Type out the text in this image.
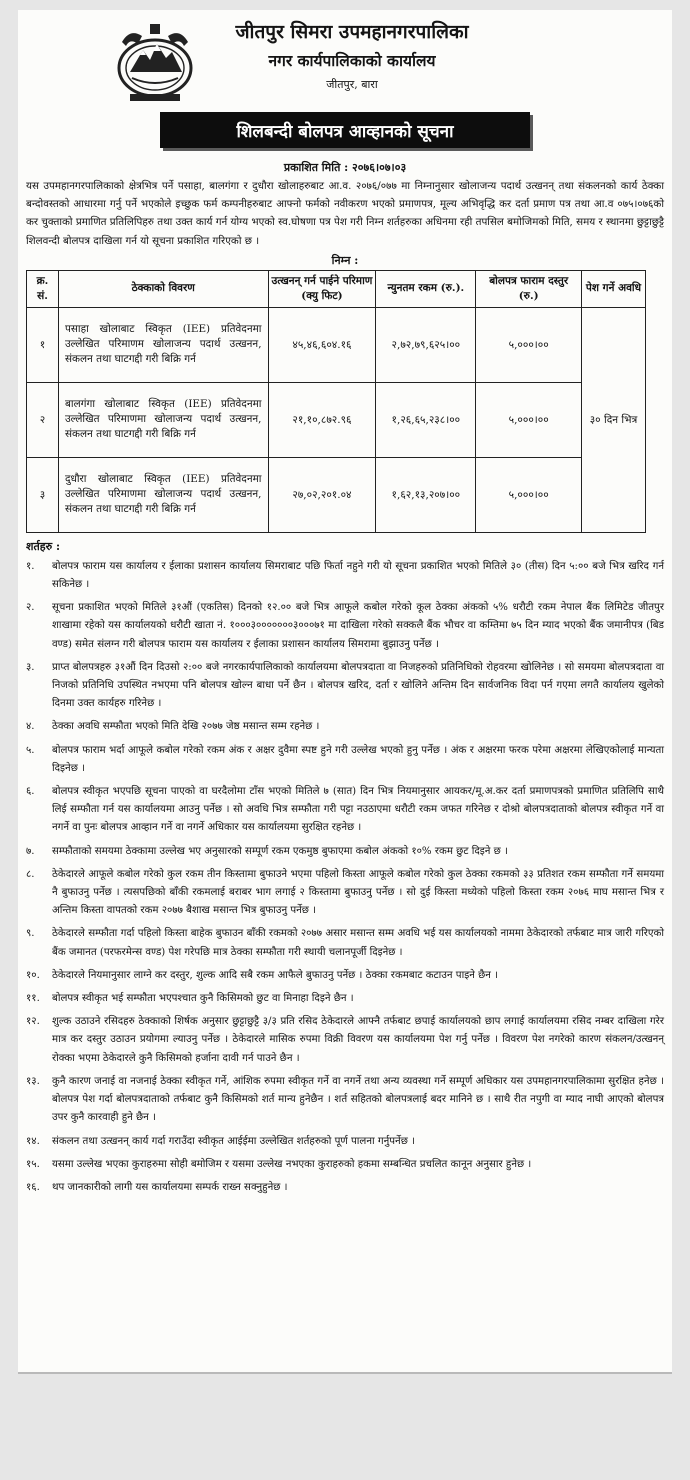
जीतपुर सिमरा उपमहानगरपालिका
नगर कार्यपालिकाको कार्यालय
जीतपुर, बारा
शिलबन्दी बोलपत्र आव्हानको सूचना
प्रकाशित मिति : २०७६।०७।०३
यस उपमहानगरपालिकाको क्षेत्रभित्र पर्ने पसाहा, बालगंगा र दुधौरा खोलाहरुबाट आ.व. २०७६/०७७ मा निम्नानुसार खोलाजन्य पदार्थ उत्खनन् तथा संकलनको कार्य ठेक्का बन्दोवस्तको आधारमा गर्नु पर्ने भएकोले इच्छुक फर्म कम्पनीहरुबाट आफ्नो फर्मको नवीकरण भएको प्रमाणपत्र, मूल्य अभिवृद्धि कर दर्ता प्रमाण पत्र तथा आ.व ०७५।०७६को कर चुक्ताको प्रमाणित प्रतिलिपिहरु तथा उक्त कार्य गर्न योग्य भएको स्व.घोषणा पत्र पेश गरी निम्न शर्तहरुका अधिनमा रही तपसिल बमोजिमको मिति, समय र स्थानमा छुट्टाछुट्टै शिलवन्दी बोलपत्र दाखिला गर्न यो सूचना प्रकाशित गरिएको छ ।
निम्न :
क्र. सं.	ठेक्काको विवरण	उत्खनन् गर्न पाईने परिमाण (क्यु फिट)	न्युनतम रकम (रु.).	बोलपत्र फाराम दस्तुर (रु.)	पेश गर्ने अवधि
१	पसाहा खोलाबाट स्विकृत (IEE) प्रतिवेदनमा उल्लेखित परिमाणम खोलाजन्य पदार्थ उत्खनन, संकलन तथा घाटगद्दी गरी बिक्रि गर्न	४५,४६,६०४.१६	२,७२,७९,६२५।००	५,०००।००	३० दिन भित्र
२	बालगंगा खोलाबाट स्विकृत (IEE) प्रतिवेदनमा उल्लेखित परिमाणमा खोलाजन्य पदार्थ उत्खनन, संकलन तथा घाटगद्दी गरी बिक्रि गर्न	२१,१०,८७२.९६	१,२६,६५,२३८।००	५,०००।००	
३	दुधौरा खोलाबाट स्विकृत (IEE) प्रतिवेदनमा उल्लेखित परिमाणमा खोलाजन्य पदार्थ उत्खनन, संकलन तथा घाटगद्दी गरी बिक्रि गर्न	२७,०२,२०१.०४	१,६२,१३,२०७।००	५,०००।००	
शर्तहरु :
१.	बोलपत्र फाराम यस कार्यालय र ईलाका प्रशासन कार्यालय सिमराबाट पछि फिर्ता नहुने गरी यो सूचना प्रकाशित भएको मितिले ३० (तीस) दिन ५:०० बजे भित्र खरिद गर्न सकिनेछ ।
२.	सूचना प्रकाशित भएको मितिले ३१औं (एकतिस) दिनको १२.०० बजे भित्र आफूले कबोल गरेको कूल ठेक्का अंकको ५% धरौटी रकम नेपाल बैंक लिमिटेड जीतपुर शाखामा रहेको यस कार्यालयको धरौटी खाता नं. १०००३०००००००३०००७१ मा दाखिला गरेको सक्कलै बैंक भौचर वा कम्तिमा ७५ दिन म्याद भएको बैंक जमानीपत्र (बिड वण्ड) समेत संलग्न गरी बोलपत्र फाराम यस कार्यालय र ईलाका प्रशासन कार्यालय सिमरामा बुझाउनु पर्नेछ ।
३.	प्राप्त बोलपत्रहरु ३१औं दिन दिउसो २:०० बजे नगरकार्यपालिकाको कार्यालयमा बोलपत्रदाता वा निजहरुको प्रतिनिधिको रोहवरमा खोलिनेछ । सो समयमा बोलपत्रदाता वा निजको प्रतिनिधि उपस्थित नभएमा पनि बोलपत्र खोल्न बाधा पर्ने छैन । बोलपत्र खरिद, दर्ता र खोलिने अन्तिम दिन सार्वजनिक विदा पर्न गएमा लगतै कार्यालय खुलेको दिनमा उक्त कार्यहरु गरिनेछ ।
४.	ठेक्का अवधि सम्फौता भएको मिति देखि २०७७ जेष्ठ मसान्त सम्म रहनेछ ।
५.	बोलपत्र फाराम भर्दा आफूले कबोल गरेको रकम अंक र अक्षर दुवैमा स्पष्ट हुने गरी उल्लेख भएको हुनु पर्नेछ । अंक र अक्षरमा फरक परेमा अक्षरमा लेखिएकोलाई मान्यता दिइनेछ ।
६.	बोलपत्र स्वीकृत भएपछि सूचना पाएको वा घरदैलोमा टाँस भएको मितिले ७ (सात) दिन भित्र नियमानुसार आयकर/मू.अ.कर दर्ता प्रमाणपत्रको प्रमाणित प्रतिलिपि साथै लिई सम्फौता गर्न यस कार्यालयमा आउनु पर्नेछ । सो अवधि भित्र सम्फौता गरी पट्टा नउठाएमा धरौटी रकम जफत गरिनेछ र दोश्रो बोलपत्रदाताको बोलपत्र स्वीकृत गर्ने वा नगर्ने वा पुनः बोलपत्र आव्हान गर्ने वा नगर्ने अधिकार यस कार्यालयमा सुरक्षित रहनेछ ।
७.	सम्फौताको समयमा ठेक्कामा उल्लेख भए अनुसारको सम्पूर्ण रकम एकमुष्ठ बुफाएमा कबोल अंकको १०% रकम छुट दिइने छ ।
८.	ठेकेदारले आफूले कबोल गरेको कुल रकम तीन किस्तामा बुफाउने भएमा पहिलो किस्ता आफूले कबोल गरेको कुल ठेक्का रकमको ३३ प्रतिशत रकम सम्फौता गर्ने समयमा नै बुफाउनु पर्नेछ । त्यसपछिको बाँकी रकमलाई बराबर भाग लगाई २ किस्तामा बुफाउनु पर्नेछ । सो दुई किस्ता मध्येको पहिलो किस्ता रकम २०७६ माघ मसान्त भित्र र अन्तिम किस्ता वापतको रकम २०७७ बैशाख मसान्त भित्र बुफाउनु पर्नेछ ।
९.	ठेकेदारले सम्फौता गर्दा पहिलो किस्ता बाहेक बुफाउन बाँकी रकमको २०७७ असार मसान्त सम्म अवधि भई यस कार्यालयको नाममा ठेकेदारको तर्फबाट मात्र जारी गरिएको बैंक जमानत (परफरमेन्स वण्ड) पेश गरेपछि मात्र ठेक्का सम्फौता गरी स्थायी चलानपूर्जी दिइनेछ ।
१०.	ठेकेदारले नियमानुसार लाग्ने कर दस्तुर, शुल्क आदि सबै रकम आफैले बुफाउनु पर्नेछ । ठेक्का रकमबाट कटाउन पाइने छैन ।
११.	बोलपत्र स्वीकृत भई सम्फौता भएपश्चात कुनै किसिमको छुट वा मिनाहा दिइने छैन ।
१२.	शुल्क उठाउने रसिदहरु ठेक्काको शिर्षक अनुसार छुट्टाछुट्टै ३/३ प्रति रसिद ठेकेदारले आफ्नै तर्फबाट छपाई कार्यालयको छाप लगाई कार्यालयमा रसिद नम्बर दाखिला गरेर मात्र कर दस्तुर उठाउन प्रयोगमा ल्याउनु पर्नेछ । ठेकेदारले मासिक रुपमा विक्री विवरण यस कार्यालयमा पेश गर्नु पर्नेछ । विवरण पेश नगरेको कारण संकलन/उत्खनन् रोक्का भएमा ठेकेदारले कुनै किसिमको हर्जाना दावी गर्न पाउने छैन ।
१३.	कुनै कारण जनाई वा नजनाई ठेक्का स्वीकृत गर्ने, आंशिक रुपमा स्वीकृत गर्ने वा नगर्ने तथा अन्य व्यवस्था गर्ने सम्पूर्ण अधिकार यस उपमहानगरपालिकामा सुरक्षित हनेछ । बोलपत्र पेश गर्दा बोलपत्रदाताको तर्फबाट कुनै किसिमको शर्त मान्य हुनेछैन । शर्त सहितको बोलपत्रलाई बदर मानिने छ । साथै रीत नपुगी वा म्याद नाघी आएको बोलपत्र उपर कुनै कारवाही हुने छैन ।
१४.	संकलन तथा उत्खनन् कार्य गर्दा गराउँदा स्वीकृत आईईमा उल्लेखित शर्तहरुको पूर्ण पालना गर्नुपर्नेछ ।
१५.	यसमा उल्लेख भएका कुराहरुमा सोही बमोजिम र यसमा उल्लेख नभएका कुराहरुको हकमा सम्बन्धित प्रचलित कानून अनुसार हुनेछ ।
१६.	थप जानकारीको लागी यस कार्यालयमा सम्पर्क राख्न सक्नुहुनेछ ।
